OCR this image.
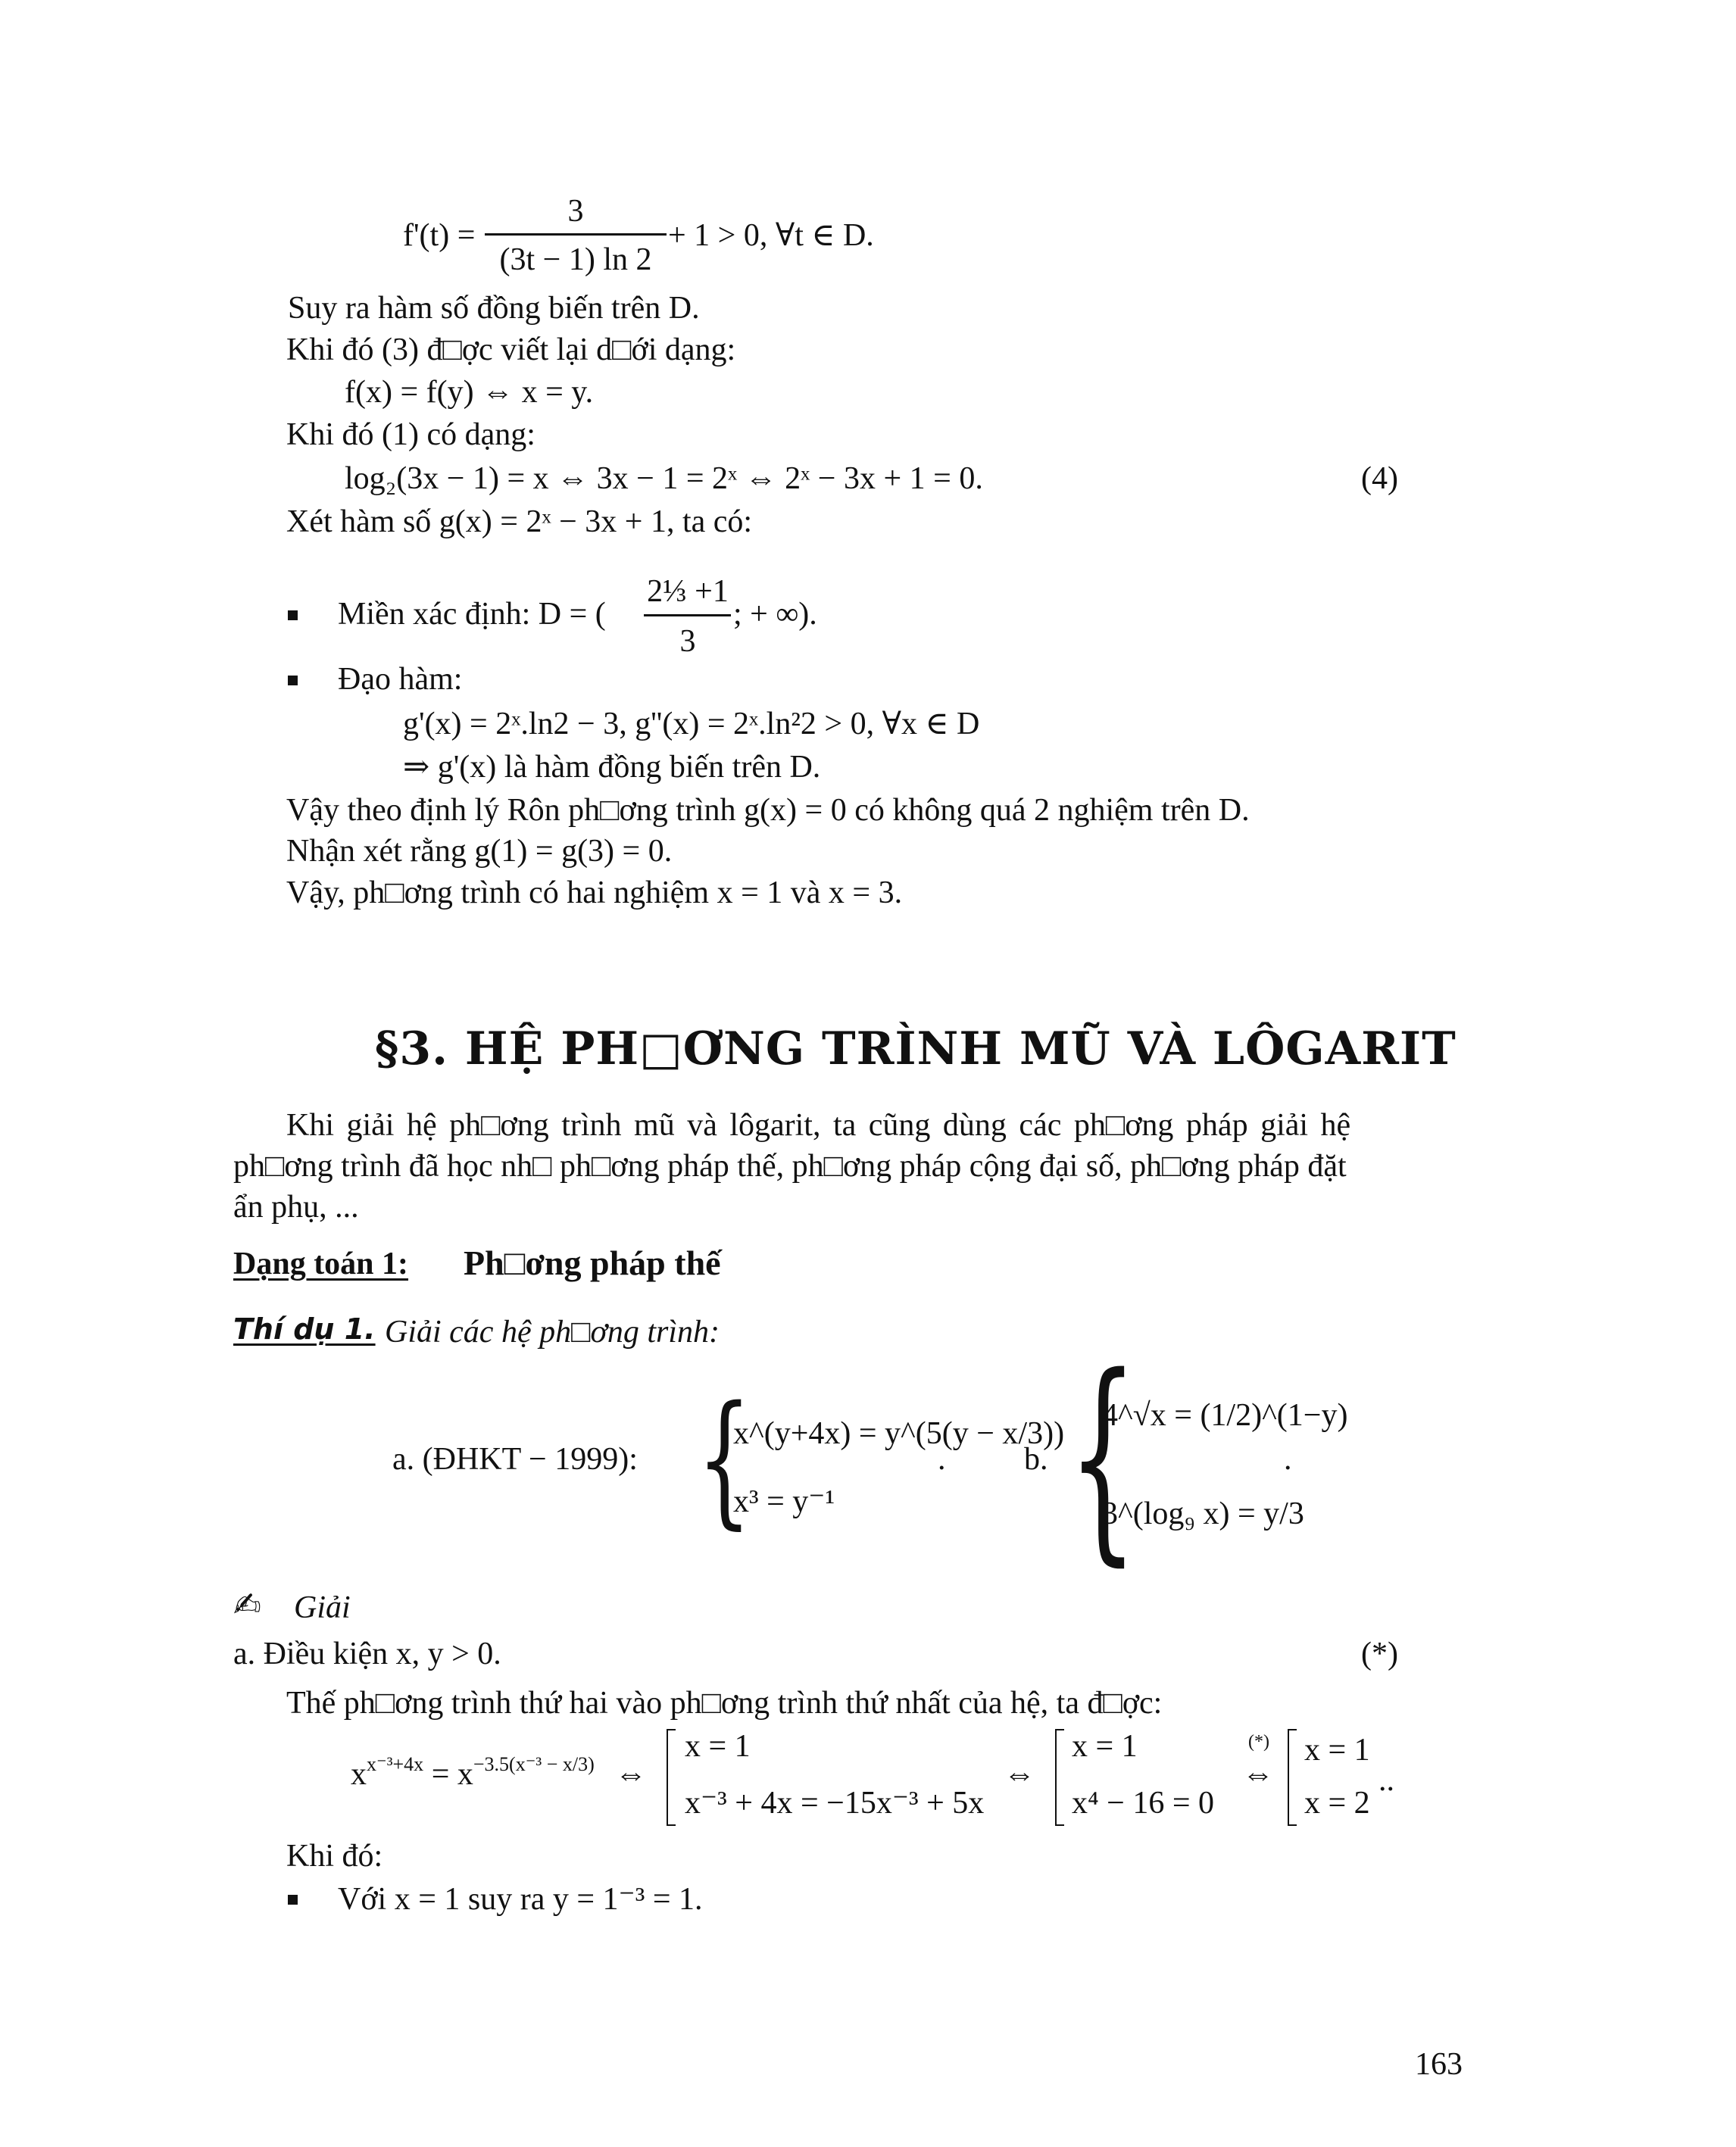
f'(t) =
3
(3t − 1) ln 2
+ 1 > 0, ∀t ∈ D.
Suy ra hàm số đồng biến trên D.
Khi đó (3) đ□ợc viết lại d□ới dạng:
f(x) = f(y) ⇔ x = y.
Khi đó (1) có dạng:
log₂(3x − 1) = x ⇔ 3x − 1 = 2ˣ ⇔ 2ˣ − 3x + 1 = 0.	(4)
Xét hàm số g(x) = 2ˣ − 3x + 1, ta có:
Miền xác định: D = (
2⅓ +1
3
; + ∞).
Đạo hàm:
g'(x) = 2ˣ.ln2 − 3, g''(x) = 2ˣ.ln²2 > 0, ∀x ∈ D
⇒ g'(x) là hàm đồng biến trên D.
Vậy theo định lý Rôn ph□ơng trình g(x) = 0 có không quá 2 nghiệm trên D.
Nhận xét rằng g(1) = g(3) = 0.
Vậy, ph□ơng trình có hai nghiệm x = 1 và x = 3.
§3. HỆ PH□ƠNG TRÌNH MŨ VÀ LÔGARIT
Khi giải hệ ph□ơng trình mũ và lôgarit, ta cũng dùng các ph□ơng pháp giải hệ
ph□ơng trình đã học nh□ ph□ơng pháp thế, ph□ơng pháp cộng đại số, ph□ơng pháp đặt
ẩn phụ, ...
Dạng toán 1: Ph□ơng pháp thế
Thí dụ 1. Giải các hệ ph□ơng trình:
a. (ĐHKT − 1999): {
x^(y+4x) = y^(5(y − x/3))
x³ = y⁻¹
. b. {
4^√x = (1/2)^(1−y)
3^(log₉ x) = y/3
.
✍ Giải
a. Điều kiện x, y > 0.	(*)
Thế ph□ơng trình thứ hai vào ph□ơng trình thứ nhất của hệ, ta đ□ợc:
$x^{x^{-3}+4x} = x^{-3.5(x^{-3} - x/3)}$ ⇔
x = 1
x⁻³ + 4x = −15x⁻³ + 5x
⇔
x = 1
x⁴ − 16 = 0
(*)
⇔
x = 1
x = 2
..
Khi đó:
Với x = 1 suy ra y = 1⁻³ = 1.
163
